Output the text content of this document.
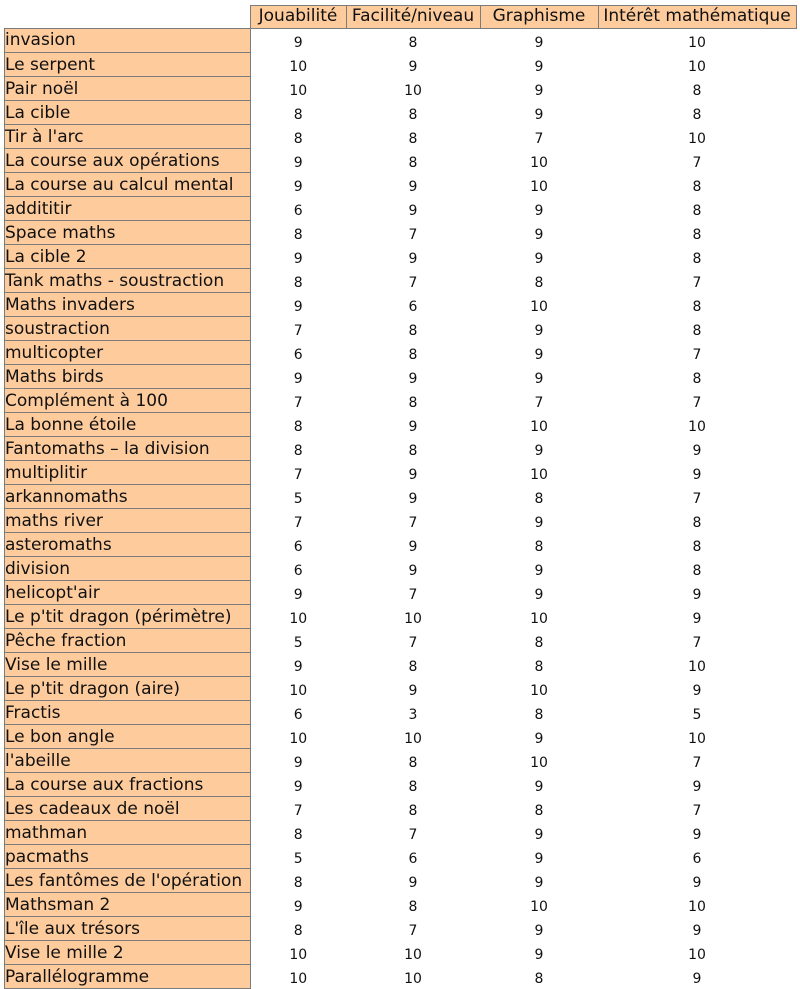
	Jouabilité	Facilité/niveau	Graphisme	Intérêt mathématique
invasion	9	8	9	10
Le serpent	10	9	9	10
Pair noël	10	10	9	8
La cible	8	8	9	8
Tir à l'arc	8	8	7	10
La course aux opérations	9	8	10	7
La course au calcul mental	9	9	10	8
addititir	6	9	9	8
Space maths	8	7	9	8
La cible 2	9	9	9	8
Tank maths - soustraction	8	7	8	7
Maths invaders	9	6	10	8
soustraction	7	8	9	8
multicopter	6	8	9	7
Maths birds	9	9	9	8
Complément à 100	7	8	7	7
La bonne étoile	8	9	10	10
Fantomaths – la division	8	8	9	9
multiplitir	7	9	10	9
arkannomaths	5	9	8	7
maths river	7	7	9	8
asteromaths	6	9	8	8
division	6	9	9	8
helicopt'air	9	7	9	9
Le p'tit dragon (périmètre)	10	10	10	9
Pêche fraction	5	7	8	7
Vise le mille	9	8	8	10
Le p'tit dragon (aire)	10	9	10	9
Fractis	6	3	8	5
Le bon angle	10	10	9	10
l'abeille	9	8	10	7
La course aux fractions	9	8	9	9
Les cadeaux de noël	7	8	8	7
mathman	8	7	9	9
pacmaths	5	6	9	6
Les fantômes de l'opération	8	9	9	9
Mathsman 2	9	8	10	10
L'île aux trésors	8	7	9	9
Vise le mille 2	10	10	9	10
Parallélogramme	10	10	8	9
